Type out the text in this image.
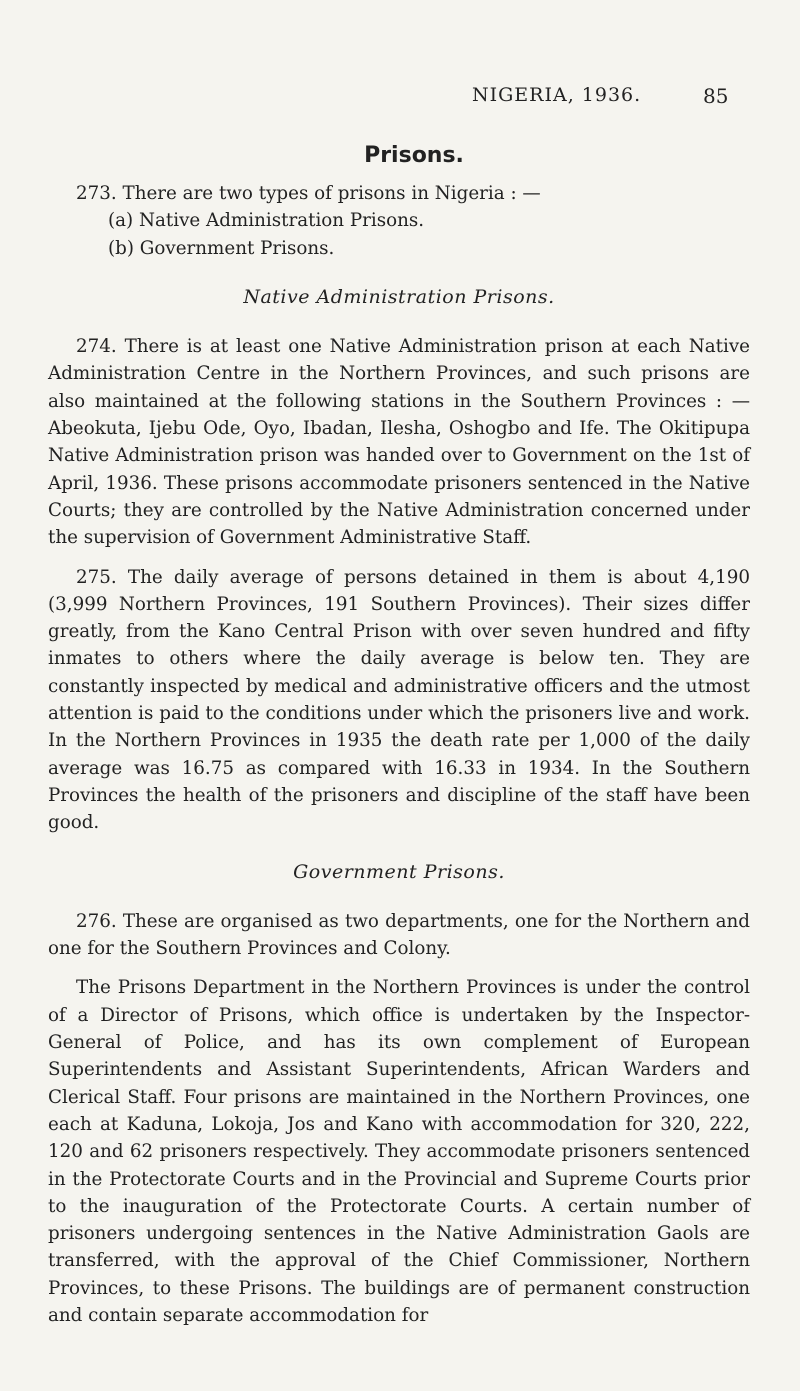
NIGERIA, 1936.	85
Prisons.

273. There are two types of prisons in Nigeria : —

(a) Native Administration Prisons.

(b) Government Prisons.

Native Administration Prisons.

274. There is at least one Native Administration prison at each Native Administration Centre in the Northern Provinces, and such prisons are also maintained at the following stations in the Southern Provinces : —Abeokuta, Ijebu Ode, Oyo, Ibadan, Ilesha, Oshogbo and Ife. The Okitipupa Native Administration prison was handed over to Government on the 1st of April, 1936. These prisons accommodate prisoners sentenced in the Native Courts; they are controlled by the Native Administration concerned under the supervision of Government Administrative Staff.

275. The daily average of persons detained in them is about 4,190 (3,999 Northern Provinces, 191 Southern Provinces). Their sizes differ greatly, from the Kano Central Prison with over seven hundred and fifty inmates to others where the daily average is below ten. They are constantly inspected by medical and administrative officers and the utmost attention is paid to the conditions under which the prisoners live and work. In the Northern Provinces in 1935 the death rate per 1,000 of the daily average was 16.75 as compared with 16.33 in 1934. In the Southern Provinces the health of the prisoners and discipline of the staff have been good.

Government Prisons.

276. These are organised as two departments, one for the Northern and one for the Southern Provinces and Colony.

The Prisons Department in the Northern Provinces is under the control of a Director of Prisons, which office is undertaken by the Inspector-General of Police, and has its own complement of European Superintendents and Assistant Superintendents, African Warders and Clerical Staff. Four prisons are maintained in the Northern Provinces, one each at Kaduna, Lokoja, Jos and Kano with accommodation for 320, 222, 120 and 62 prisoners respectively. They accommodate prisoners sentenced in the Protectorate Courts and in the Provincial and Supreme Courts prior to the inauguration of the Protectorate Courts. A certain number of prisoners undergoing sentences in the Native Administration Gaols are transferred, with the approval of the Chief Commissioner, Northern Provinces, to these Prisons. The buildings are of permanent construction and contain separate accommodation for
